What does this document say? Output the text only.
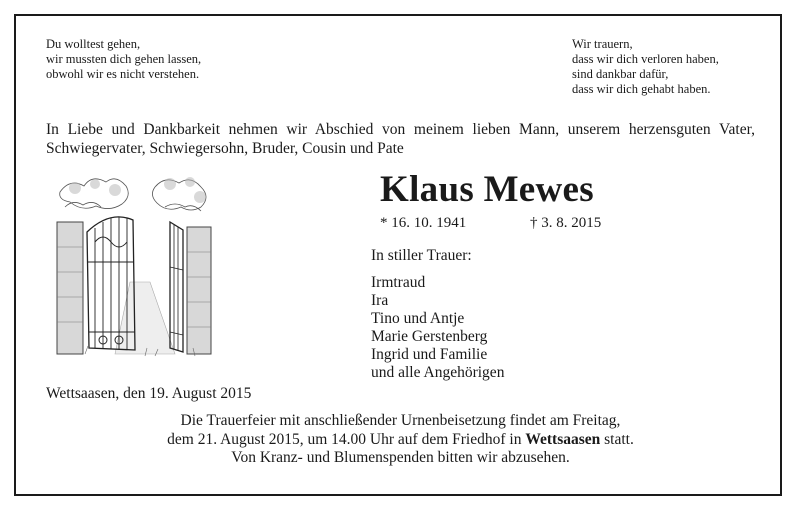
Du wolltest gehen,
wir mussten dich gehen lassen,
obwohl wir es nicht verstehen.
Wir trauern,
dass wir dich verloren haben,
sind dankbar dafür,
dass wir dich gehabt haben.
In Liebe und Dankbarkeit nehmen wir Abschied von meinem lieben Mann, unserem herzensguten Vater, Schwiegervater, Schwiegersohn, Bruder, Cousin und Pate
Klaus Mewes
* 16. 10. 1941	† 3. 8. 2015
In stiller Trauer:
Irmtraud
Ira
Tino und Antje
Marie Gerstenberg
Ingrid und Familie
und alle Angehörigen
Wettsaasen, den 19. August 2015
Die Trauerfeier mit anschließender Urnenbeisetzung findet am Freitag,
dem 21. August 2015, um 14.00 Uhr auf dem Friedhof in Wettsaasen statt.
Von Kranz- und Blumenspenden bitten wir abzusehen.
